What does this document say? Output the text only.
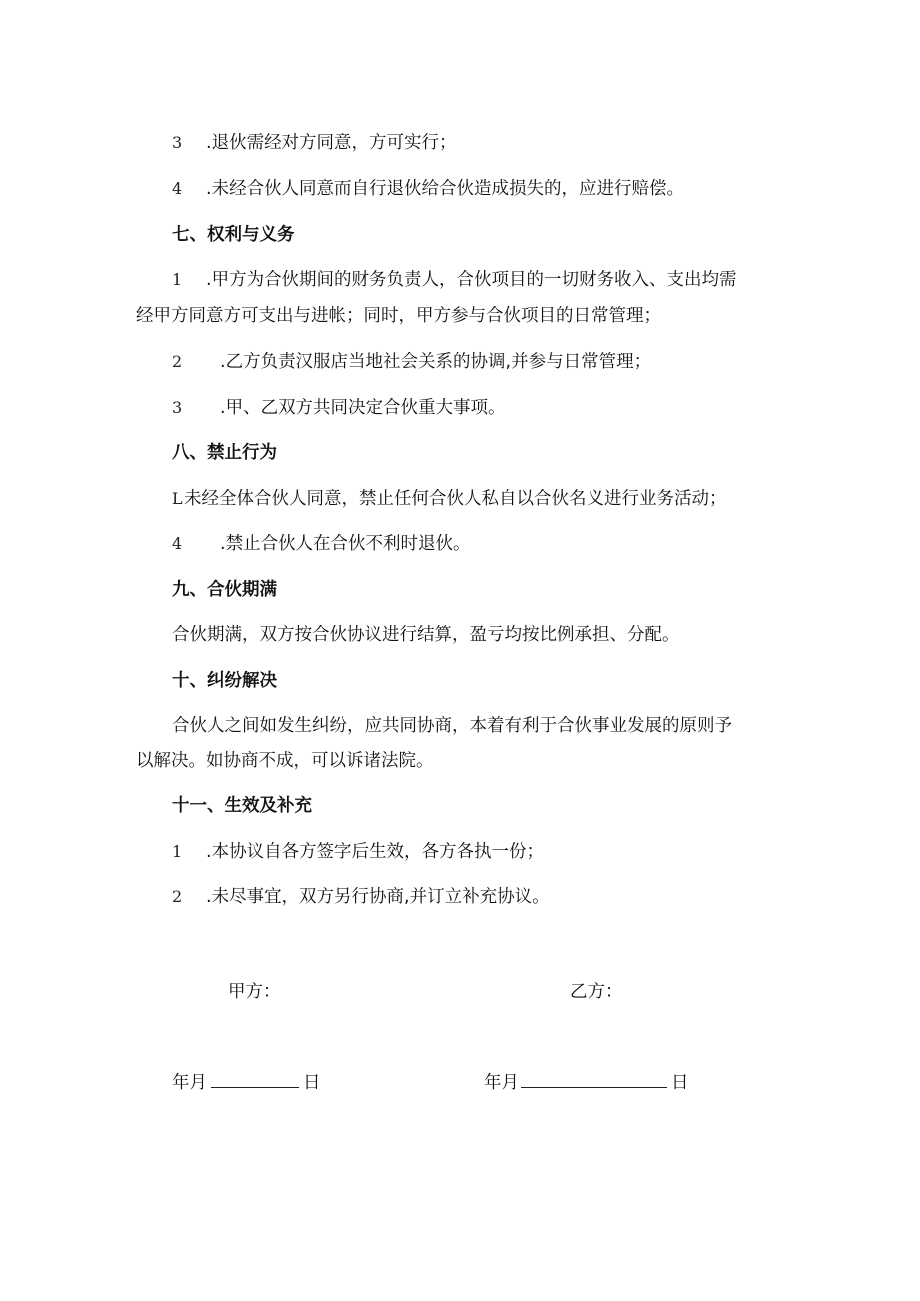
3 .退伙需经对方同意，方可实行；
4 .未经合伙人同意而自行退伙给合伙造成损失的，应进行赔偿。
七、权利与义务
1 .甲方为合伙期间的财务负责人，合伙项目的一切财务收入、支出均需
经甲方同意方可支出与进帐；同时，甲方参与合伙项目的日常管理；
2 .乙方负责汉服店当地社会关系的协调,并参与日常管理；
3 .甲、乙双方共同决定合伙重大事项。
八、禁止行为
L未经全体合伙人同意，禁止任何合伙人私自以合伙名义进行业务活动；
4 .禁止合伙人在合伙不利时退伙。
九、合伙期满
合伙期满，双方按合伙协议进行结算，盈亏均按比例承担、分配。
十、纠纷解决
合伙人之间如发生纠纷，应共同协商，本着有利于合伙事业发展的原则予
以解决。如协商不成，可以诉诸法院。
十一、生效及补充
1 .本协议自各方签字后生效，各方各执一份；
2 .未尽事宜，双方另行协商,并订立补充协议。
甲方：	乙方：
年月	日	年月	日
